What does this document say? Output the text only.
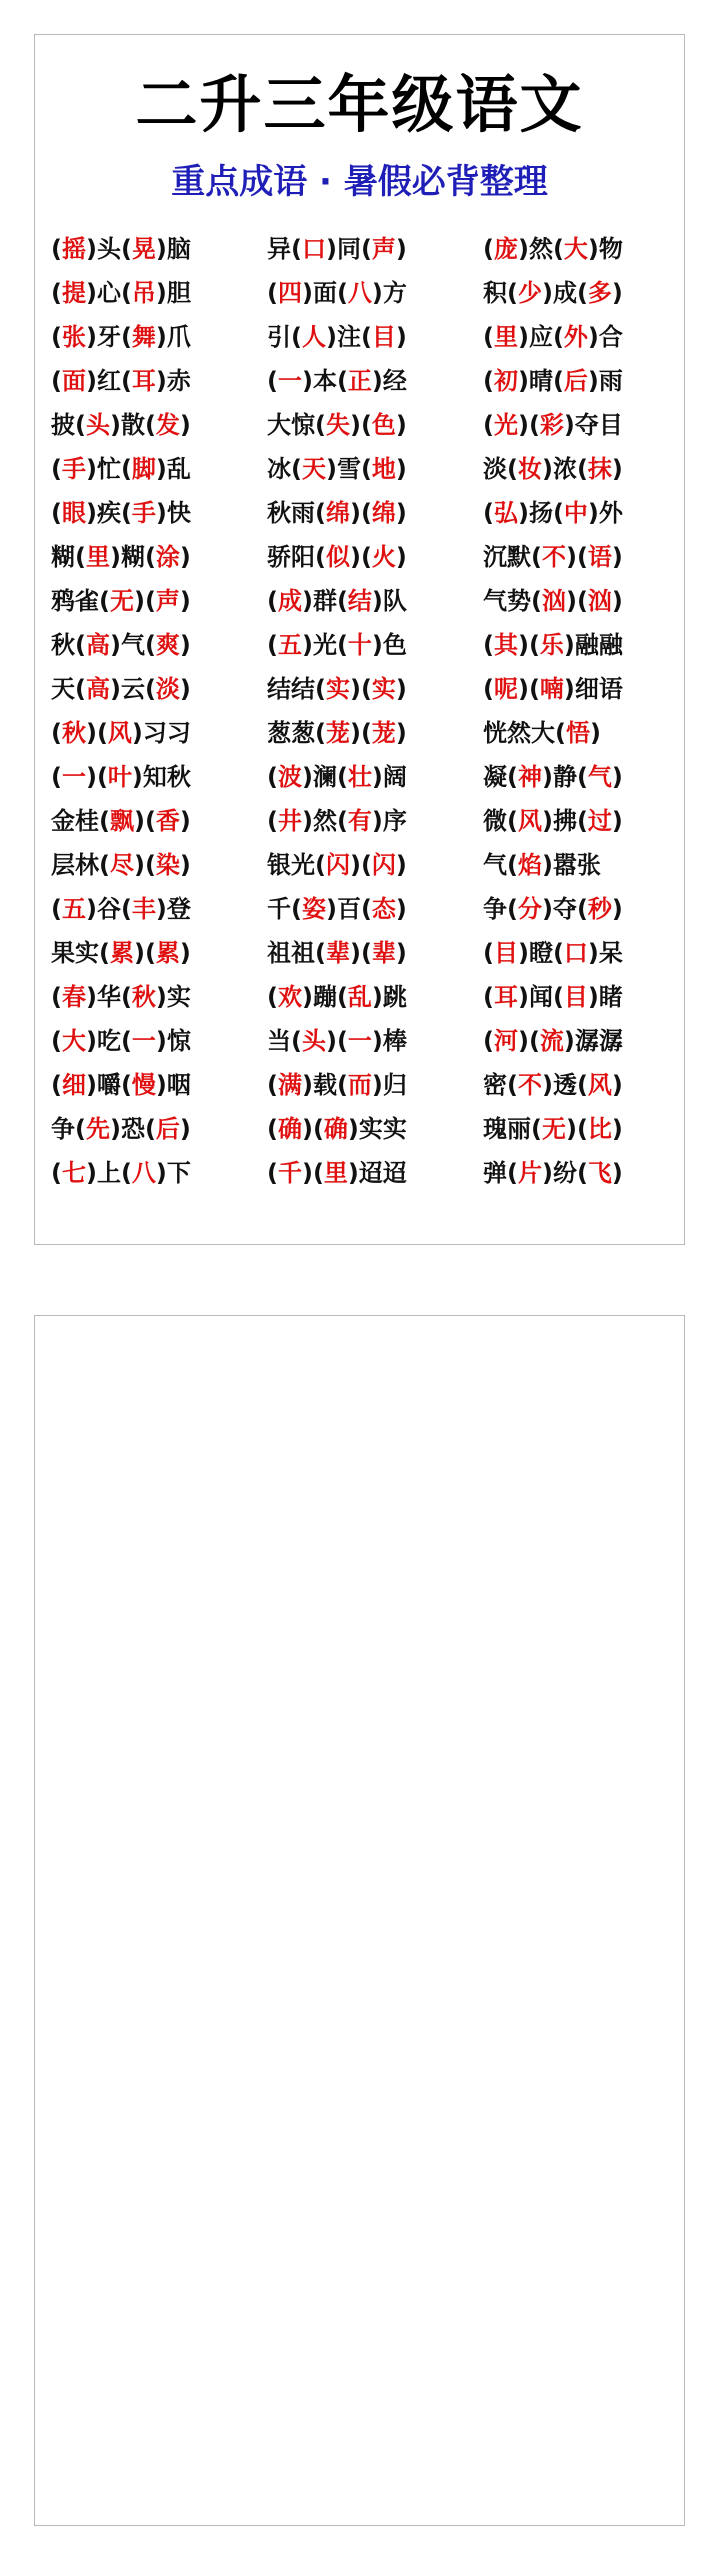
二升三年级语文
重点成语 · 暑假必背整理
(摇)头(晃)脑	异(口)同(声)	(庞)然(大)物
(提)心(吊)胆	(四)面(八)方	积(少)成(多)
(张)牙(舞)爪	引(人)注(目)	(里)应(外)合
(面)红(耳)赤	(一)本(正)经	(初)晴(后)雨
披(头)散(发)	大惊(失)(色)	(光)(彩)夺目
(手)忙(脚)乱	冰(天)雪(地)	淡(妆)浓(抹)
(眼)疾(手)快	秋雨(绵)(绵)	(弘)扬(中)外
糊(里)糊(涂)	骄阳(似)(火)	沉默(不)(语)
鸦雀(无)(声)	(成)群(结)队	气势(汹)(汹)
秋(高)气(爽)	(五)光(十)色	(其)(乐)融融
天(高)云(淡)	结结(实)(实)	(呢)(喃)细语
(秋)(风)习习	葱葱(茏)(茏)	恍然大(悟)
(一)(叶)知秋	(波)澜(壮)阔	凝(神)静(气)
金桂(飘)(香)	(井)然(有)序	微(风)拂(过)
层林(尽)(染)	银光(闪)(闪)	气(焰)嚣张
(五)谷(丰)登	千(姿)百(态)	争(分)夺(秒)
果实(累)(累)	祖祖(辈)(辈)	(目)瞪(口)呆
(春)华(秋)实	(欢)蹦(乱)跳	(耳)闻(目)睹
(大)吃(一)惊	当(头)(一)棒	(河)(流)潺潺
(细)嚼(慢)咽	(满)载(而)归	密(不)透(风)
争(先)恐(后)	(确)(确)实实	瑰丽(无)(比)
(七)上(八)下	(千)(里)迢迢	弹(片)纷(飞)
